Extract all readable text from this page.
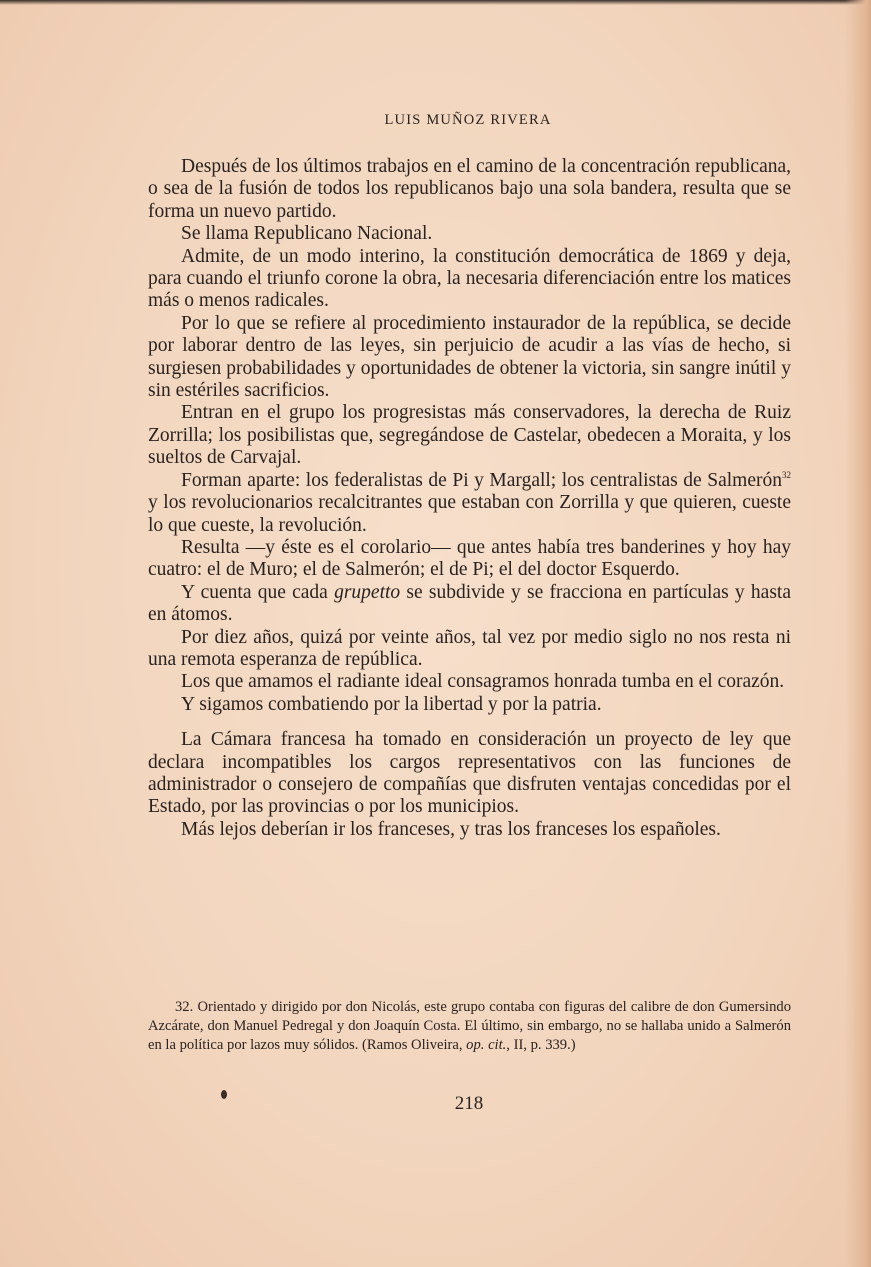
LUIS MUÑOZ RIVERA

Después de los últimos trabajos en el camino de la concentración republicana, o sea de la fusión de todos los republicanos bajo una sola bandera, resulta que se forma un nuevo partido.

Se llama Republicano Nacional.

Admite, de un modo interino, la constitución democrática de 1869 y deja, para cuando el triunfo corone la obra, la necesaria diferenciación entre los matices más o menos radicales.

Por lo que se refiere al procedimiento instaurador de la república, se decide por laborar dentro de las leyes, sin perjuicio de acudir a las vías de hecho, si surgiesen probabilidades y oportunidades de obtener la victoria, sin sangre inútil y sin estériles sacrificios.

Entran en el grupo los progresistas más conservadores, la derecha de Ruiz Zorrilla; los posibilistas que, segregándose de Castelar, obedecen a Moraita, y los sueltos de Carvajal.

Forman aparte: los federalistas de Pi y Margall; los centralistas de Salmerón$^{32}$ y los revolucionarios recalcitrantes que estaban con Zorrilla y que quieren, cueste lo que cueste, la revolución.

Resulta —y éste es el corolario— que antes había tres banderines y hoy hay cuatro: el de Muro; el de Salmerón; el de Pi; el del doctor Esquerdo.

Y cuenta que cada grupetto se subdivide y se fracciona en partículas y hasta en átomos.

Por diez años, quizá por veinte años, tal vez por medio siglo no nos resta ni una remota esperanza de república.

Los que amamos el radiante ideal consagramos honrada tumba en el corazón.

Y sigamos combatiendo por la libertad y por la patria.

La Cámara francesa ha tomado en consideración un proyecto de ley que declara incompatibles los cargos representativos con las funciones de administrador o consejero de compañías que disfruten ventajas concedidas por el Estado, por las provincias o por los municipios.

Más lejos deberían ir los franceses, y tras los franceses los españoles.

32. Orientado y dirigido por don Nicolás, este grupo contaba con figuras del calibre de don Gumersindo Azcárate, don Manuel Pedregal y don Joaquín Costa. El último, sin embargo, no se hallaba unido a Salmerón en la política por lazos muy sólidos. (Ramos Oliveira, op. cit., II, p. 339.)

218
